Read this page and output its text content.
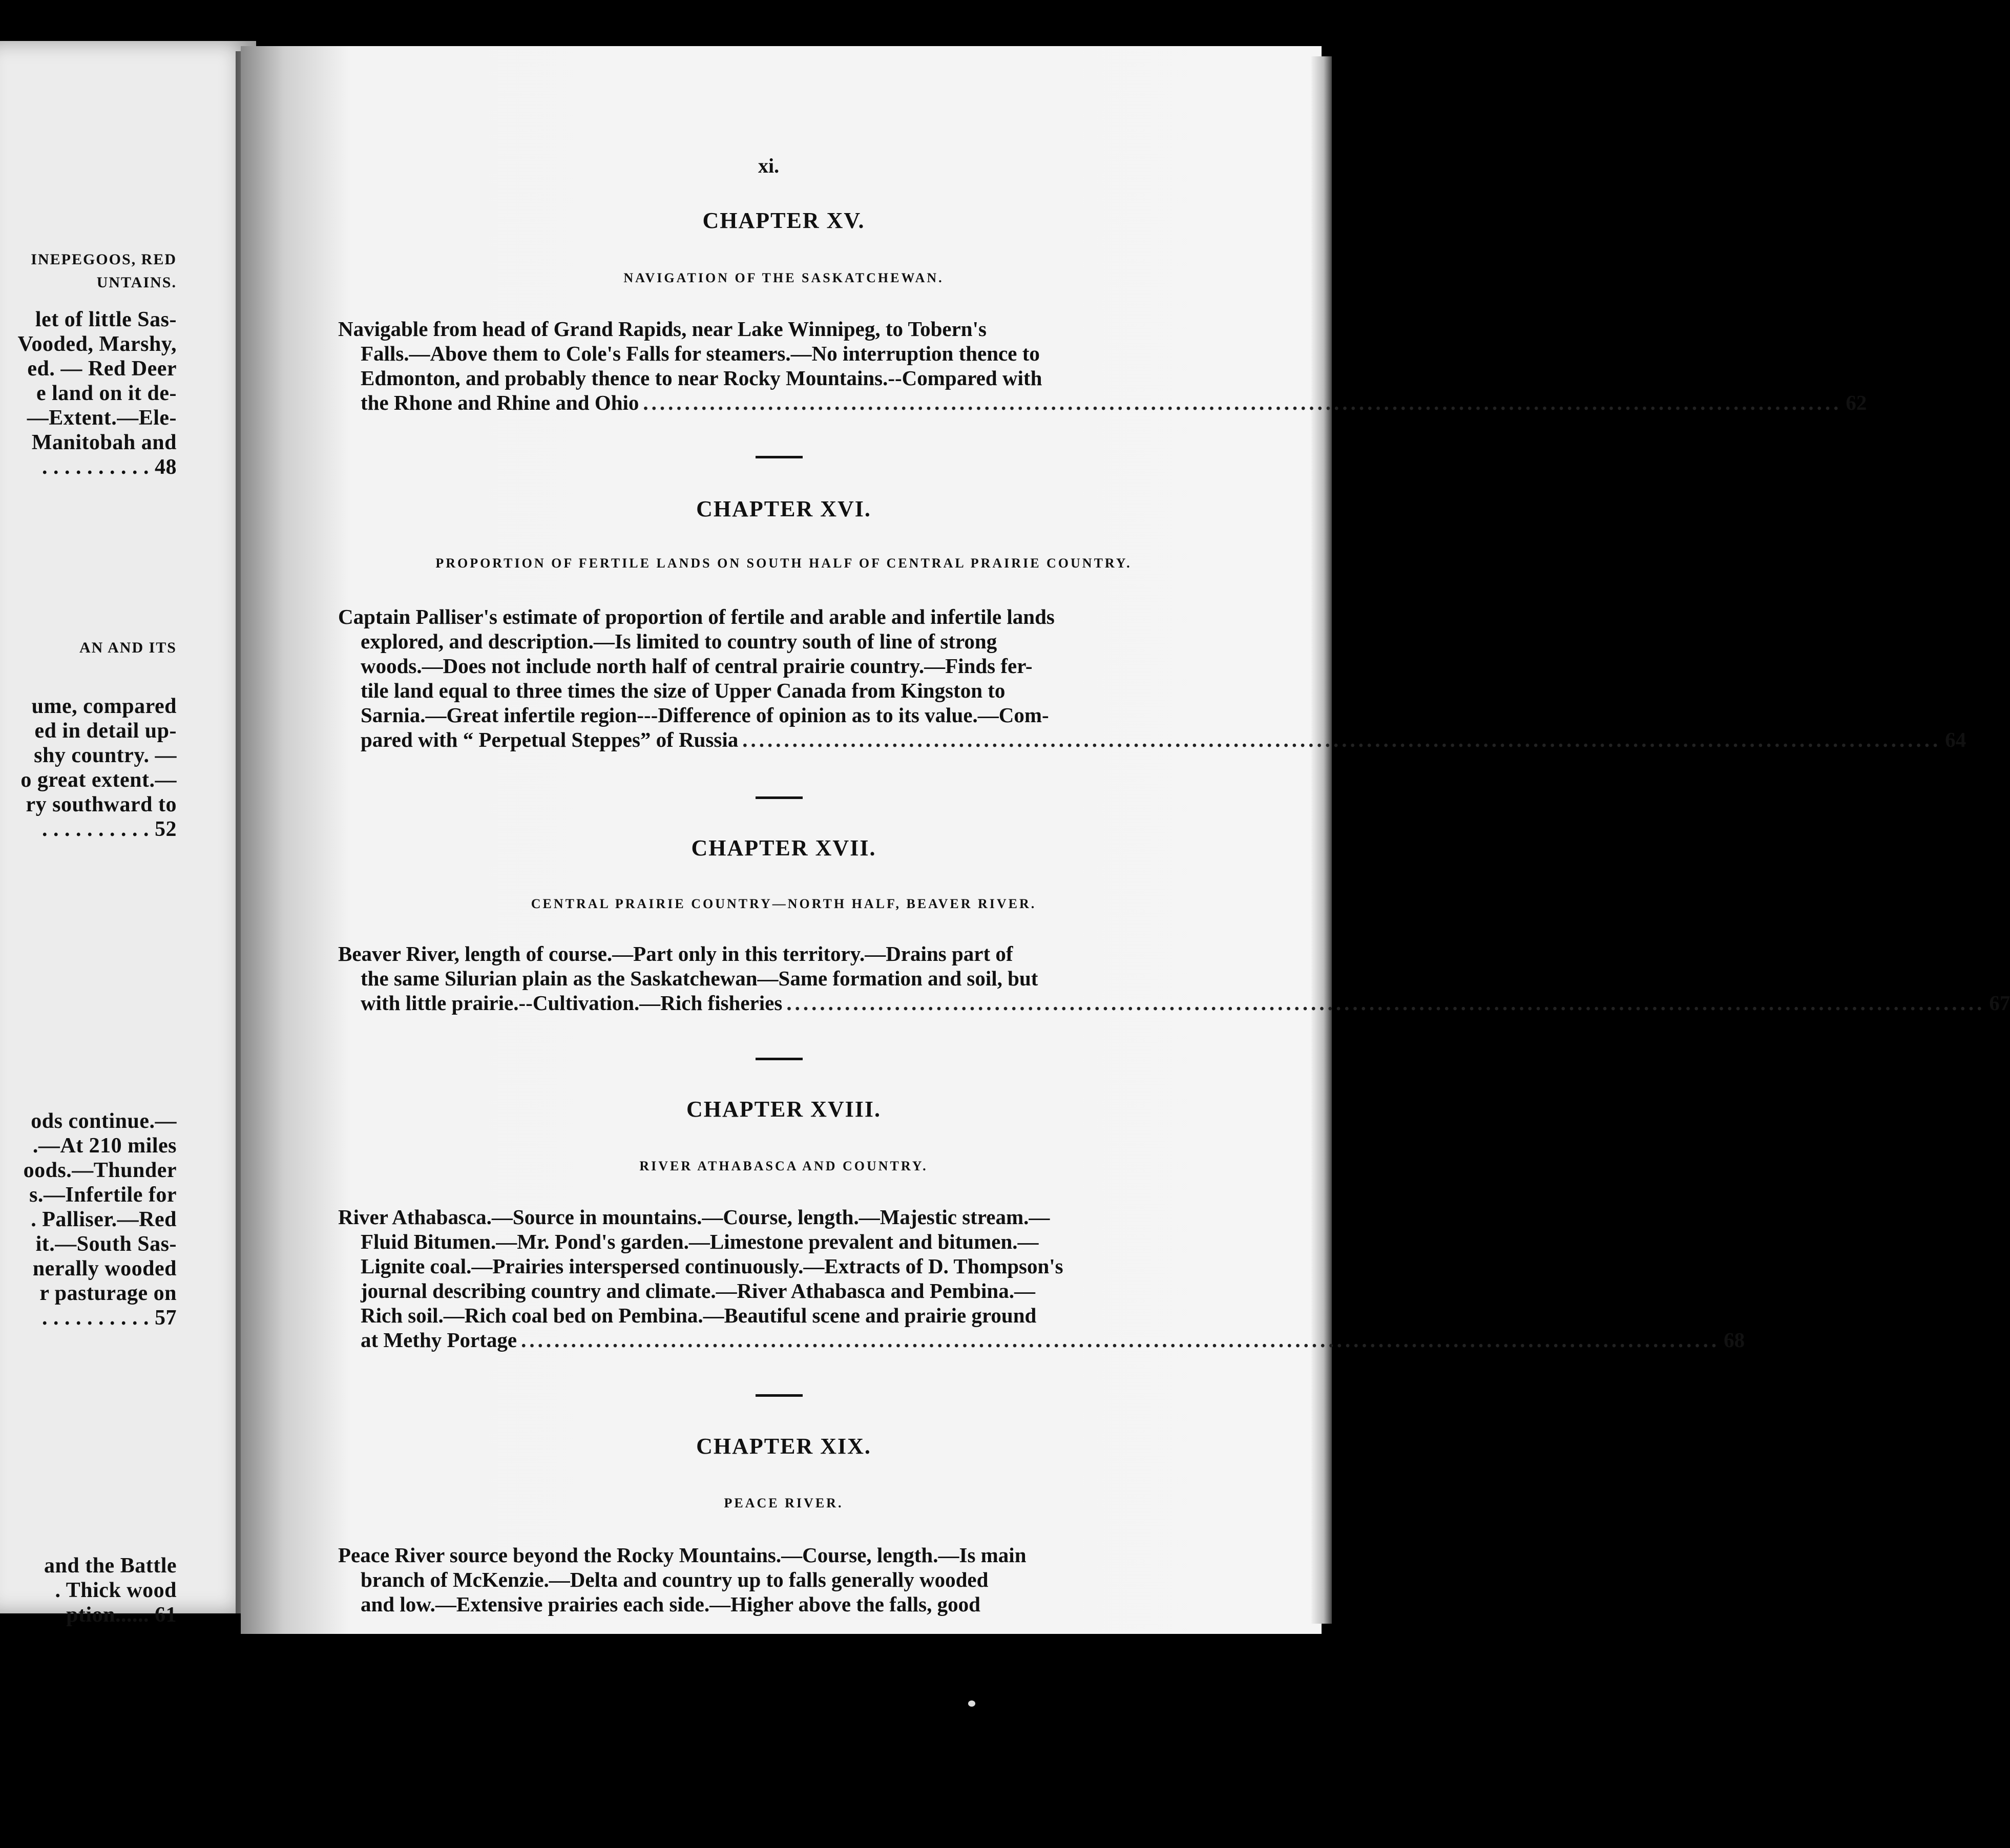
INEPEGOOS, RED
UNTAINS.
let of little Sas-
Vooded, Marshy,
ed. — Red Deer
e land on it de-
—Extent.—Ele-
Manitobah and
. . . . . . . . . . 48
AN AND ITS
ume, compared
ed in detail up-
shy country. —
o great extent.—
ry southward to
. . . . . . . . . . 52
ods continue.—
.—At 210 miles
oods.—Thunder
s.—Infertile for
. Palliser.—Red
it.—South Sas-
nerally wooded
r pasturage on
. . . . . . . . . . 57
and the Battle
. Thick wood
ption...... 61
xi.
CHAPTER XV.
NAVIGATION OF THE SASKATCHEWAN.
Navigable from head of Grand Rapids, near Lake Winnipeg, to Tobern's
Falls.—Above them to Cole's Falls for steamers.—No interruption thence to
Edmonton, and probably thence to near Rocky Mountains.--Compared with
the Rhone and Rhine and Ohio .....	62
CHAPTER XVI.
PROPORTION OF FERTILE LANDS ON SOUTH HALF OF CENTRAL PRAIRIE COUNTRY.
Captain Palliser's estimate of proportion of fertile and arable and infertile lands
explored, and description.—Is limited to country south of line of strong
woods.—Does not include north half of central prairie country.—Finds fer-
tile land equal to three times the size of Upper Canada from Kingston to
Sarnia.—Great infertile region---Difference of opinion as to its value.—Com-
pared with “ Perpetual Steppes” of Russia .....	64
CHAPTER XVII.
CENTRAL PRAIRIE COUNTRY—NORTH HALF, BEAVER RIVER.
Beaver River, length of course.—Part only in this territory.—Drains part of
the same Silurian plain as the Saskatchewan—Same formation and soil, but
with little prairie.--Cultivation.—Rich fisheries .....	67
CHAPTER XVIII.
RIVER ATHABASCA AND COUNTRY.
River Athabasca.—Source in mountains.—Course, length.—Majestic stream.—
Fluid Bitumen.—Mr. Pond's garden.—Limestone prevalent and bitumen.—
Lignite coal.—Prairies interspersed continuously.—Extracts of D. Thompson's
journal describing country and climate.—River Athabasca and Pembina.—
Rich soil.—Rich coal bed on Pembina.—Beautiful scene and prairie ground
at Methy Portage .....	68
CHAPTER XIX.
PEACE RIVER.
Peace River source beyond the Rocky Mountains.—Course, length.—Is main
branch of McKenzie.—Delta and country up to falls generally wooded
and low.—Extensive prairies each side.—Higher above the falls, good
